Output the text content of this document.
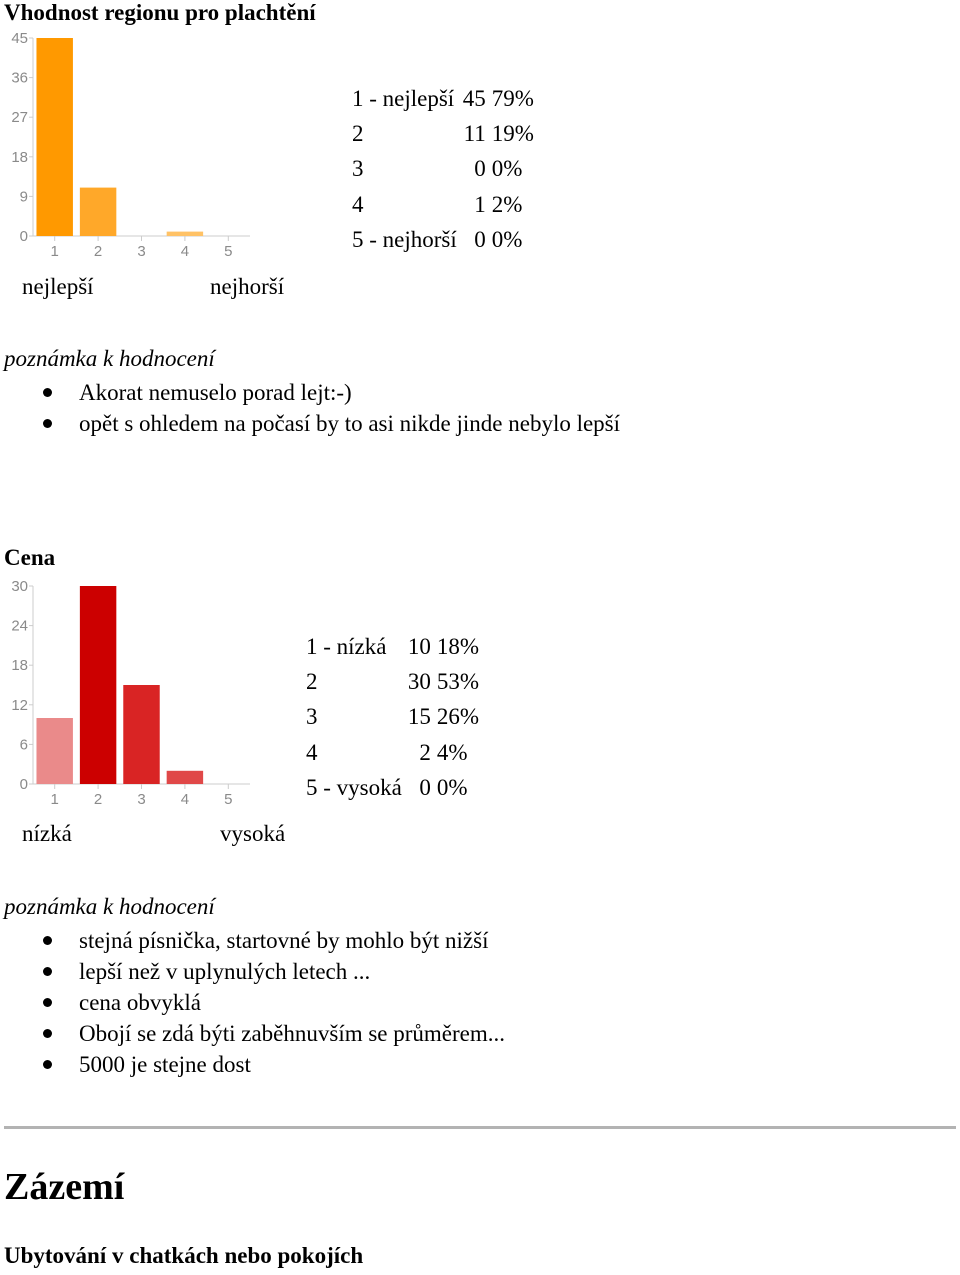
Vhodnost regionu pro plachtění
0
9
18
27
36
45
1 2 3 4 5
1 - nejlepší	45	79%
2	11	19%
3	0	0%
4	1	2%
5 - nejhorší	0	0%
nejlepší	nejhorší
poznámka k hodnocení
Akorat nemuselo porad lejt:-)
opět s ohledem na počasí by to asi nikde jinde nebylo lepší
Cena
0
6
12
18
24
30
1 2 3 4 5
1 - nízká	10	18%
2	30	53%
3	15	26%
4	2	4%
5 - vysoká	0	0%
nízká	vysoká
poznámka k hodnocení
stejná písnička, startovné by mohlo být nižší
lepší než v uplynulých letech ...
cena obvyklá
Obojí se zdá býti zaběhnuvším se průměrem...
5000 je stejne dost
Zázemí
Ubytování v chatkách nebo pokojích
